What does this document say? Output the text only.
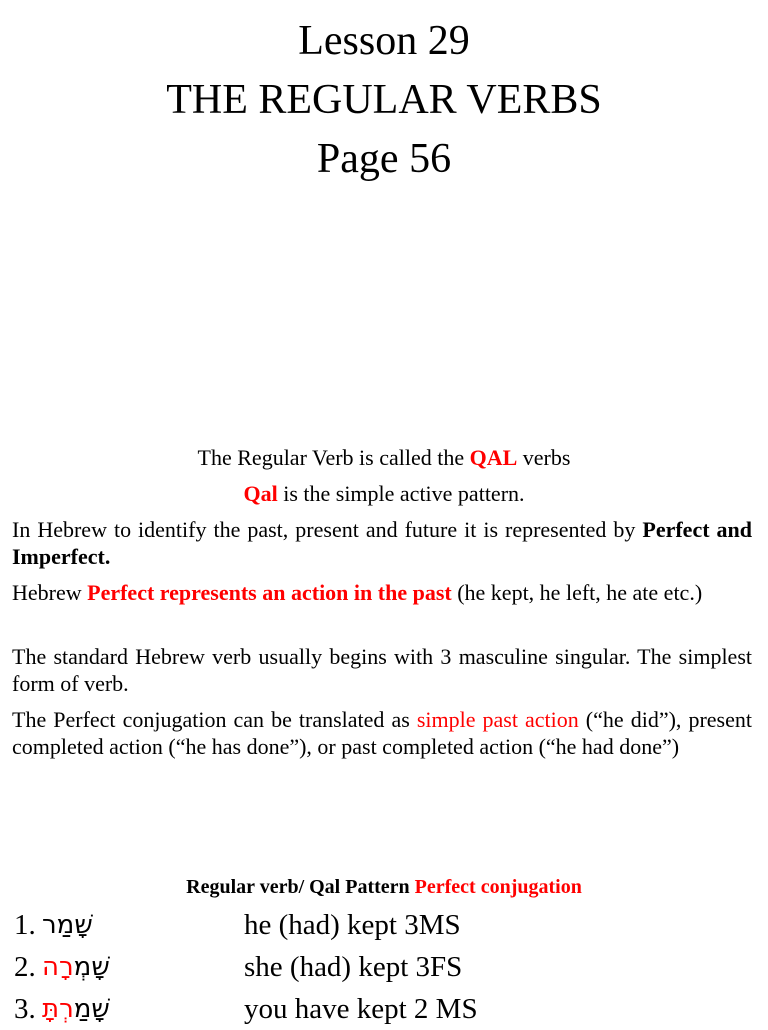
Lesson 29
THE REGULAR VERBS
Page 56
The Regular Verb is called the QAL verbs
Qal is the simple active pattern.
In Hebrew to identify the past, present and future it is represented by Perfect and Imperfect.
Hebrew Perfect represents an action in the past (he kept, he left, he ate etc.)
The standard Hebrew verb usually begins with 3 masculine singular. The simplest form of verb.
The Perfect conjugation can be translated as simple past action (“he did”), present completed action (“he has done”), or past completed action (“he had done”)
Regular verb/ Qal Pattern Perfect conjugation
1. שָׁמַר	he (had) kept 3MS
2.	שָׁמְרָה	she (had) kept 3FS
3.	שָׁמַרְתָּ	you have kept 2 MS
